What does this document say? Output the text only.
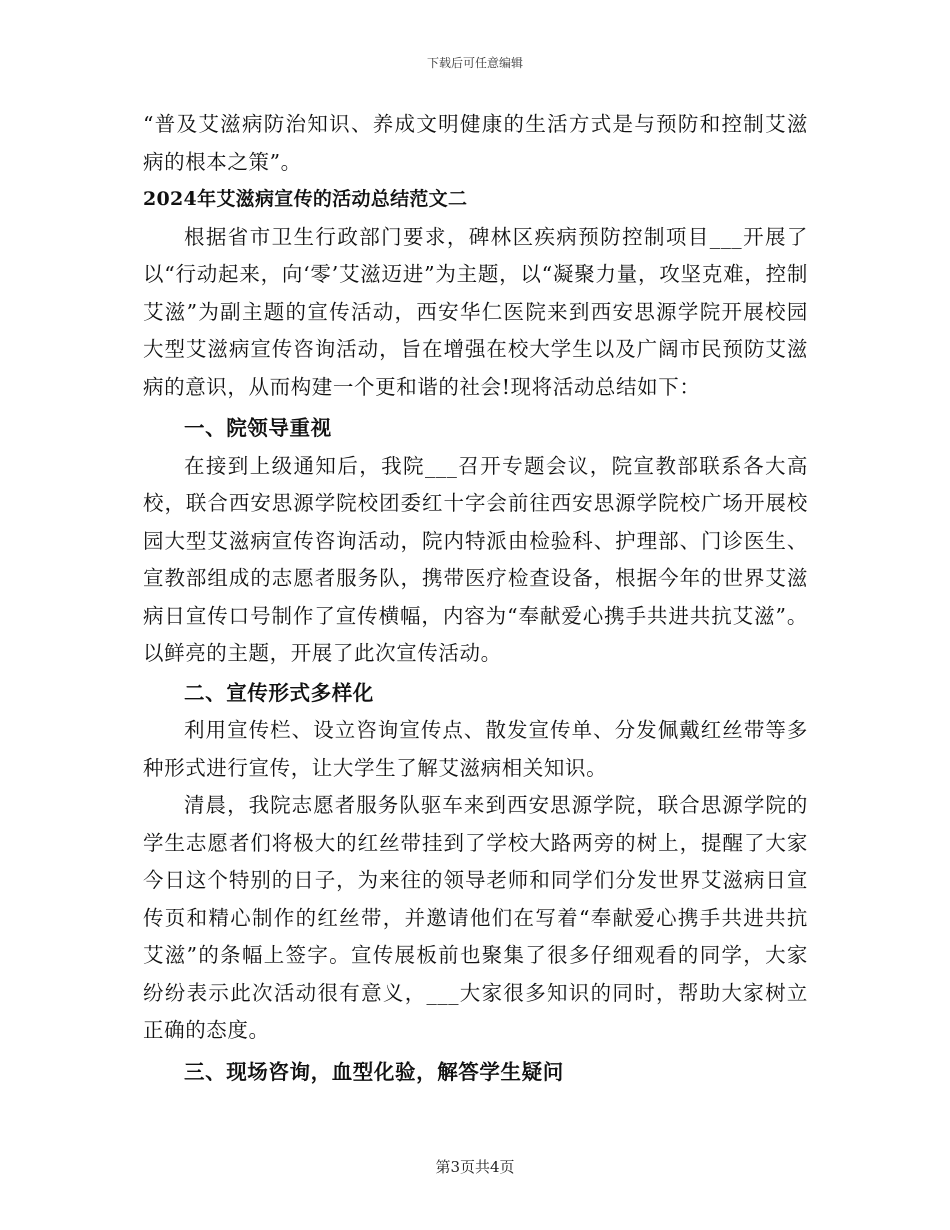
下载后可任意编辑

“普及艾滋病防治知识、养成文明健康的生活方式是与预防和控制艾滋病的根本之策”。

2024年艾滋病宣传的活动总结范文二

根据省市卫生行政部门要求，碑林区疾病预防控制项目___开展了以“行动起来，向‘零’艾滋迈进”为主题，以“凝聚力量，攻坚克难，控制艾滋”为副主题的宣传活动，西安华仁医院来到西安思源学院开展校园大型艾滋病宣传咨询活动，旨在增强在校大学生以及广阔市民预防艾滋病的意识，从而构建一个更和谐的社会!现将活动总结如下：

一、院领导重视

在接到上级通知后，我院___召开专题会议，院宣教部联系各大高校，联合西安思源学院校团委红十字会前往西安思源学院校广场开展校园大型艾滋病宣传咨询活动，院内特派由检验科、护理部、门诊医生、宣教部组成的志愿者服务队，携带医疗检查设备，根据今年的世界艾滋病日宣传口号制作了宣传横幅，内容为“奉献爱心携手共进共抗艾滋”。以鲜亮的主题，开展了此次宣传活动。

二、宣传形式多样化

利用宣传栏、设立咨询宣传点、散发宣传单、分发佩戴红丝带等多种形式进行宣传，让大学生了解艾滋病相关知识。

清晨，我院志愿者服务队驱车来到西安思源学院，联合思源学院的学生志愿者们将极大的红丝带挂到了学校大路两旁的树上，提醒了大家今日这个特别的日子，为来往的领导老师和同学们分发世界艾滋病日宣传页和精心制作的红丝带，并邀请他们在写着“奉献爱心携手共进共抗艾滋”的条幅上签字。宣传展板前也聚集了很多仔细观看的同学，大家纷纷表示此次活动很有意义，___大家很多知识的同时，帮助大家树立正确的态度。

三、现场咨询，血型化验，解答学生疑问

第3页共4页
